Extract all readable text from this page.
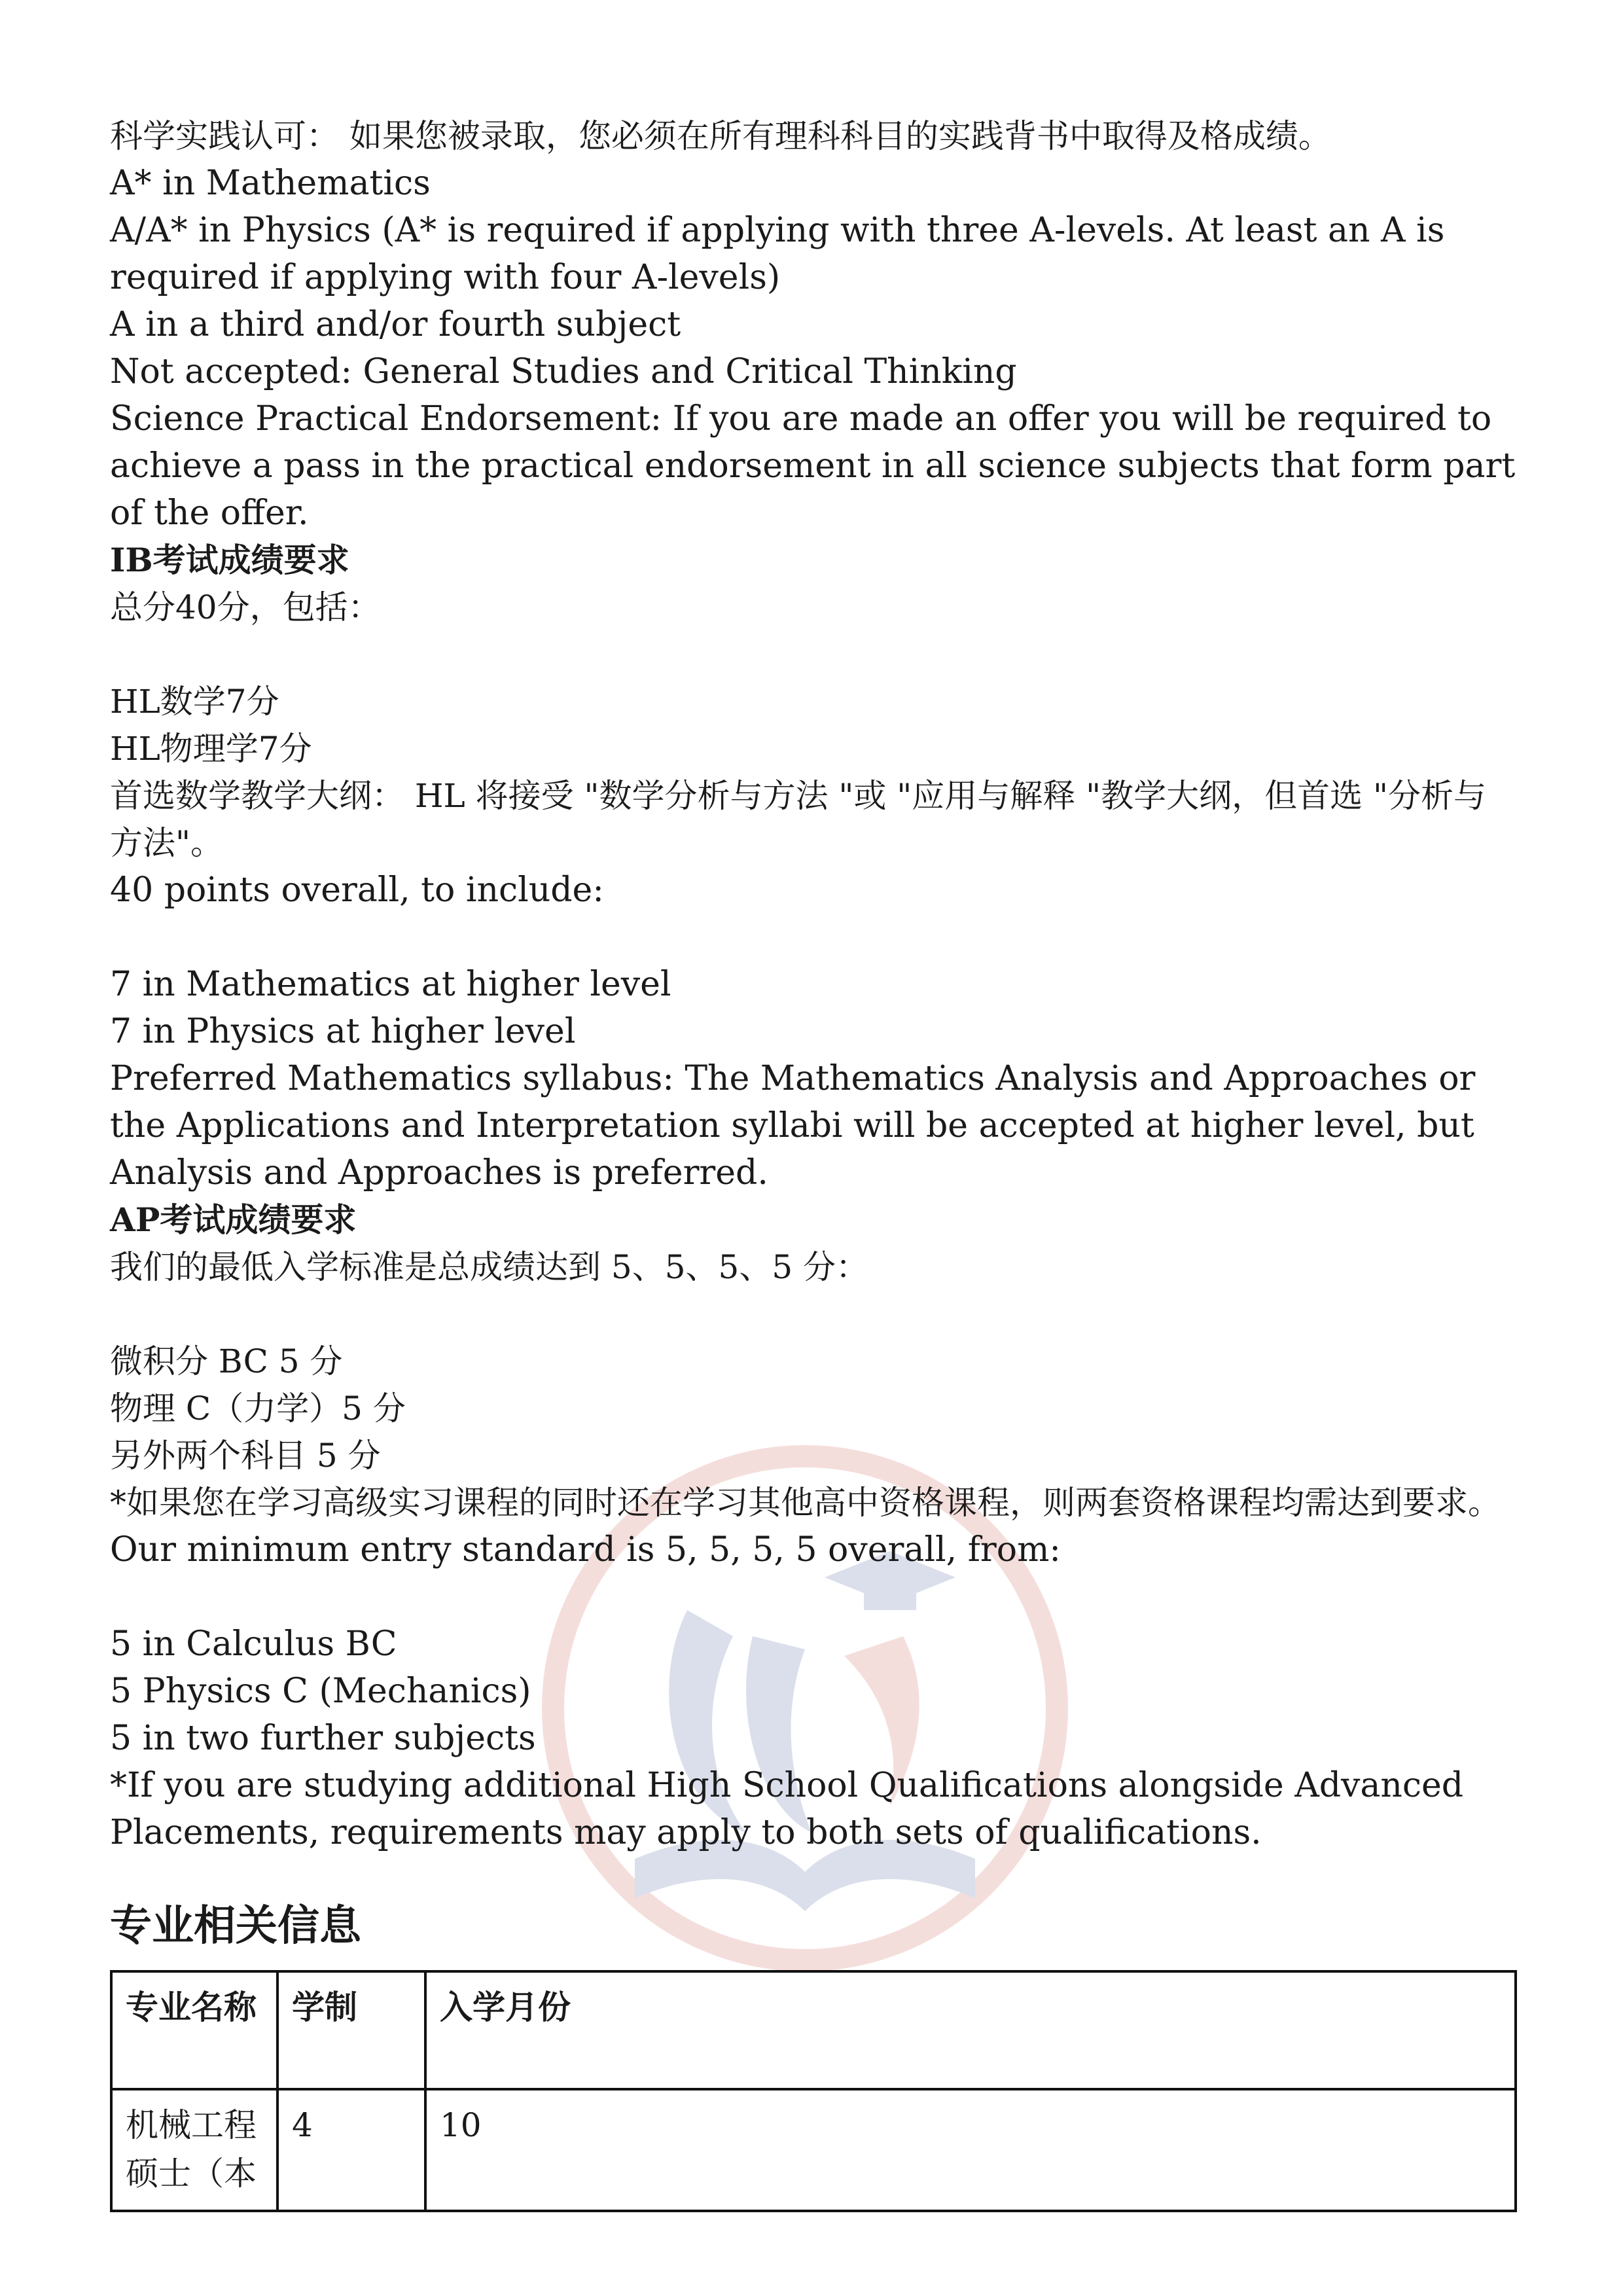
科学实践认可： 如果您被录取，您必须在所有理科科目的实践背书中取得及格成绩。

A* in Mathematics

A/A* in Physics (A* is required if applying with three A-levels. At least an A is required if applying with four A-levels)

A in a third and/or fourth subject

Not accepted: General Studies and Critical Thinking

Science Practical Endorsement: If you are made an offer you will be required to achieve a pass in the practical endorsement in all science subjects that form part of the offer.

IB考试成绩要求

总分40分，包括：

HL数学7分

HL物理学7分

首选数学教学大纲： HL 将接受 "数学分析与方法 "或 "应用与解释 "教学大纲，但首选 "分析与方法"。

40 points overall, to include:

7 in Mathematics at higher level

7 in Physics at higher level

Preferred Mathematics syllabus: The Mathematics Analysis and Approaches or the Applications and Interpretation syllabi will be accepted at higher level, but Analysis and Approaches is preferred.

AP考试成绩要求

我们的最低入学标准是总成绩达到 5、5、5、5 分：

微积分 BC 5 分

物理 C（力学）5 分

另外两个科目 5 分

*如果您在学习高级实习课程的同时还在学习其他高中资格课程，则两套资格课程均需达到要求。

Our minimum entry standard is 5, 5, 5, 5 overall, from:

5 in Calculus BC

5 Physics C (Mechanics)

5 in two further subjects

*If you are studying additional High School Qualifications alongside Advanced Placements, requirements may apply to both sets of qualifications.

专业相关信息
专业名称	学制	入学月份
机械工程硕士（本	4	10
